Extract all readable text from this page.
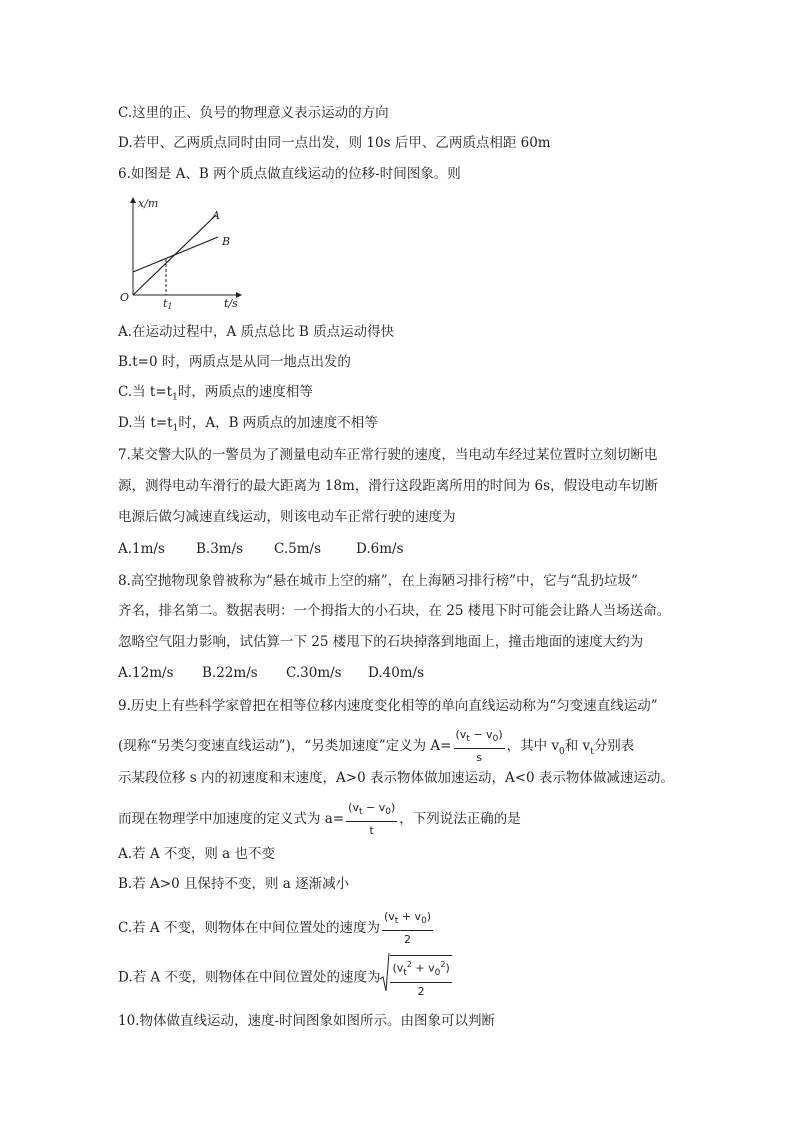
C.这里的正、负号的物理意义表示运动的方向
D.若甲、乙两质点同时由同一点出发，则 10s 后甲、乙两质点相距 60m
6.如图是 A、B 两个质点做直线运动的位移-时间图象。则
x/m
t/s
O	t1
A
B
A.在运动过程中，A 质点总比 B 质点运动得快
B.t=0 时，两质点是从同一地点出发的
C.当 $t=t_1$时，两质点的速度相等
D.当 $t=t_1$时，A，B 两质点的加速度不相等
7.某交警大队的一警员为了测量电动车正常行驶的速度，当电动车经过某位置时立刻切断电
源，测得电动车滑行的最大距离为 18m，滑行这段距离所用的时间为 6s，假设电动车切断
电源后做匀减速直线运动，则该电动车正常行驶的速度为
A.1m/s B.3m/s C.5m/s	D.6m/s
8.高空抛物现象曾被称为“悬在城市上空的痛”，在上海陋习排行榜”中，它与“乱扔垃圾”
齐名，排名第二。数据表明：一个拇指大的小石块，在 25 楼甩下时可能会让路人当场送命。
忽略空气阻力影响，试估算一下 25 楼甩下的石块掉落到地面上，撞击地面的速度大约为
A.12m/s B.22m/s C.30m/s D.40m/s
9.历史上有些科学家曾把在相等位移内速度变化相等的单向直线运动称为“匀变速直线运动”
(现称“另类匀变速直线运动”)，“另类加速度”定义为 $A= \frac{(v_t - v_0)}{s}$ ，其中 $v_0$和 $v_t$分别表
示某段位移 s 内的初速度和末速度，A>0 表示物体做加速运动，A<0 表示物体做减速运动。
而现在物理学中加速度的定义式为 $a= \frac{(v_t - v_0)}{t}$ ，下列说法正确的是
A.若 A 不变，则 a 也不变
B.若 A>0 且保持不变，则 a 逐渐减小
C.若 A 不变，则物体在中间位置处的速度为 $\frac{(v_t + v_0)}{2}$
D.若 A 不变，则物体在中间位置处的速度为 $\frac{(v_t^2 + v_0^2)}{2}$
10.物体做直线运动，速度-时间图象如图所示。由图象可以判断
